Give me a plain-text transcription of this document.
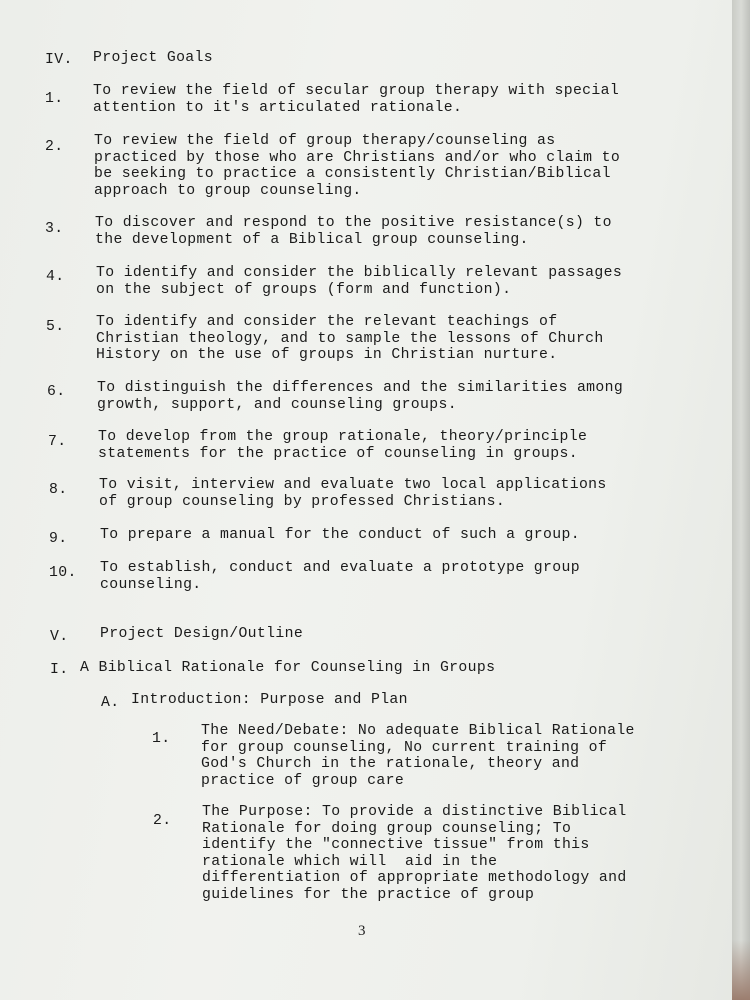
IV. Project Goals

1. To review the field of secular group therapy with special
attention to it's articulated rationale.

2. To review the field of group therapy/counseling as
practiced by those who are Christians and/or who claim to
be seeking to practice a consistently Christian/Biblical
approach to group counseling.

3. To discover and respond to the positive resistance(s) to
the development of a Biblical group counseling.

4. To identify and consider the biblically relevant passages
on the subject of groups (form and function).

5. To identify and consider the relevant teachings of
Christian theology, and to sample the lessons of Church
History on the use of groups in Christian nurture.

6. To distinguish the differences and the similarities among
growth, support, and counseling groups.

7. To develop from the group rationale, theory/principle
statements for the practice of counseling in groups.

8. To visit, interview and evaluate two local applications
of group counseling by professed Christians.

9. To prepare a manual for the conduct of such a group.

10. To establish, conduct and evaluate a prototype group
counseling.

V. Project Design/Outline

I. A Biblical Rationale for Counseling in Groups

A. Introduction: Purpose and Plan

1. The Need/Debate: No adequate Biblical Rationale
for group counseling, No current training of
God's Church in the rationale, theory and
practice of group care

2.

The Purpose: To provide a distinctive Biblical
Rationale for doing group counseling; To
identify the "connective tissue" from this
rationale which will  aid in the
differentiation of appropriate methodology and
guidelines for the practice of group

3
